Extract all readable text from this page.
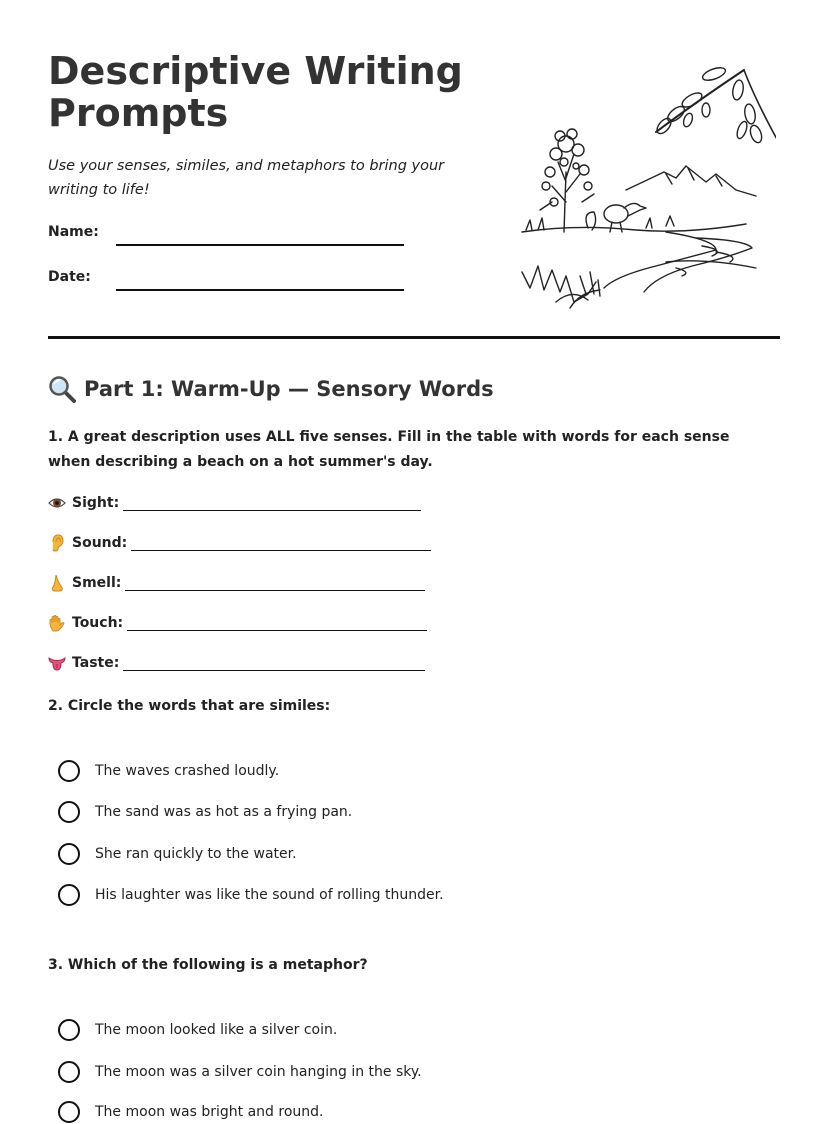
Descriptive Writing
Prompts

Use your senses, similes, and metaphors to bring your writing to life!

Name:
Date:
Part 1: Warm-Up — Sensory Words

1. A great description uses ALL five senses. Fill in the table with words for each sense when describing a beach on a hot summer's day.

Sight:
Sound:
Smell:
Touch:
Taste:

2. Circle the words that are similes:

The waves crashed loudly.
The sand was as hot as a frying pan.
She ran quickly to the water.
His laughter was like the sound of rolling thunder.

3. Which of the following is a metaphor?

The moon looked like a silver coin.
The moon was a silver coin hanging in the sky.
The moon was bright and round.
